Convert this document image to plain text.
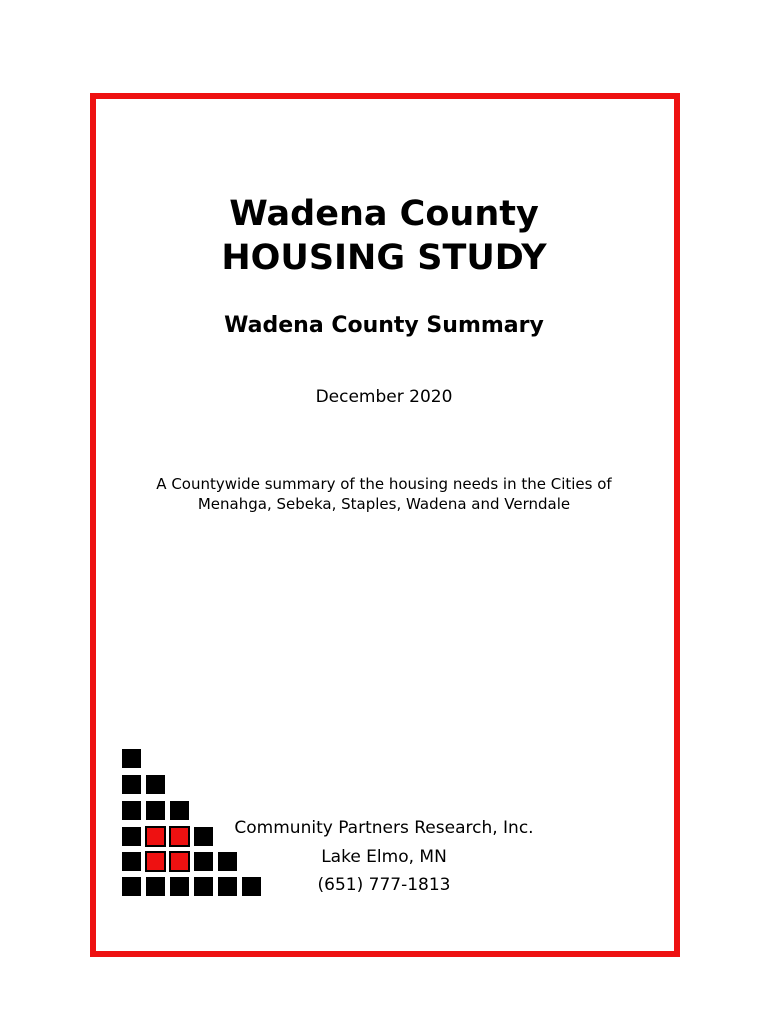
Wadena County
HOUSING STUDY
Wadena County Summary
December 2020
A Countywide summary of the housing needs in the Cities of
Menahga, Sebeka, Staples, Wadena and Verndale
Community Partners Research, Inc.
Lake Elmo, MN
(651) 777-1813
